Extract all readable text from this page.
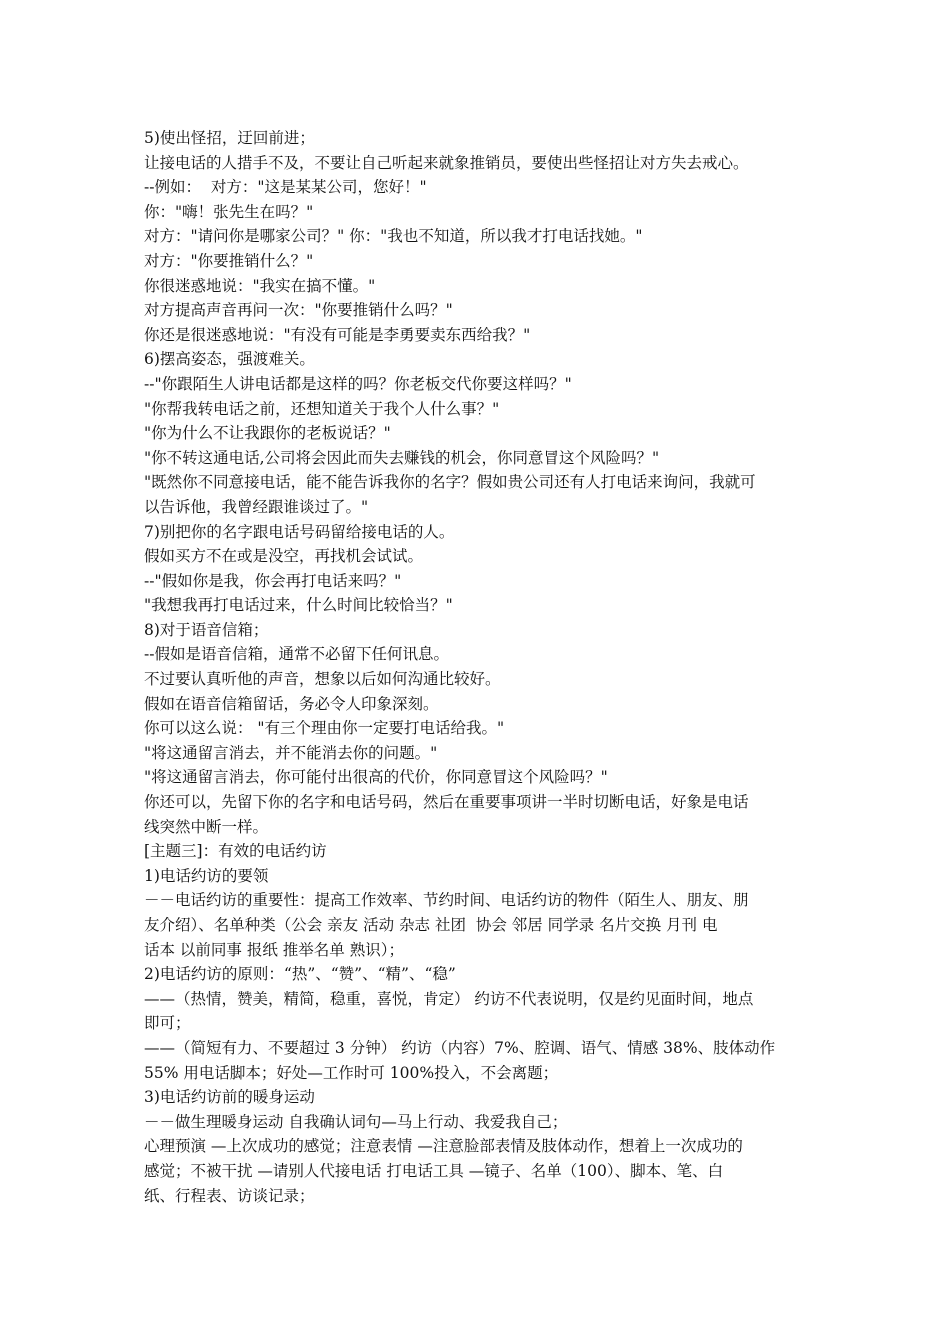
5)使出怪招，迂回前进；
让接电话的人措手不及，不要让自己听起来就象推销员，要使出些怪招让对方失去戒心。
--例如：  对方："这是某某公司，您好！"
你："嗨！张先生在吗？"
对方："请问你是哪家公司？" 你："我也不知道，所以我才打电话找她。"
对方："你要推销什么？"
你很迷惑地说："我实在搞不懂。"
对方提高声音再问一次："你要推销什么吗？"
你还是很迷惑地说："有没有可能是李勇要卖东西给我？"
6)摆高姿态，强渡难关。
--"你跟陌生人讲电话都是这样的吗？你老板交代你要这样吗？"
"你帮我转电话之前，还想知道关于我个人什么事？"
"你为什么不让我跟你的老板说话？"
"你不转这通电话,公司将会因此而失去赚钱的机会，你同意冒这个风险吗？"
"既然你不同意接电话，能不能告诉我你的名字？假如贵公司还有人打电话来询问，我就可
以告诉他，我曾经跟谁谈过了。"
7)别把你的名字跟电话号码留给接电话的人。
假如买方不在或是没空，再找机会试试。
--"假如你是我，你会再打电话来吗？"
"我想我再打电话过来，什么时间比较恰当？"
8)对于语音信箱；
--假如是语音信箱，通常不必留下任何讯息。
不过要认真听他的声音，想象以后如何沟通比较好。
假如在语音信箱留话，务必令人印象深刻。
你可以这么说： "有三个理由你一定要打电话给我。"
"将这通留言消去，并不能消去你的问题。"
"将这通留言消去，你可能付出很高的代价，你同意冒这个风险吗？"
你还可以，先留下你的名字和电话号码，然后在重要事项讲一半时切断电话，好象是电话
线突然中断一样。
[主题三]：有效的电话约访
1)电话约访的要领
－－电话约访的重要性：提高工作效率、节约时间、电话约访的物件（陌生人、朋友、朋
友介绍）、名单种类（公会 亲友 活动 杂志 社团  协会 邻居 同学录 名片交换 月刊 电
话本 以前同事 报纸 推举名单 熟识）；
2)电话约访的原则：“热”、“赞”、“精”、“稳”
——（热情，赞美，精简，稳重，喜悦，肯定） 约访不代表说明，仅是约见面时间，地点
即可；
——（简短有力、不要超过 3 分钟） 约访（内容）7%、腔调、语气、情感 38%、肢体动作
55% 用电话脚本；好处—工作时可 100%投入，不会离题；
3)电话约访前的暖身运动
－－做生理暖身运动 自我确认词句—马上行动、我爱我自己；
心理预演 —上次成功的感觉；注意表情 —注意脸部表情及肢体动作，想着上一次成功的
感觉；不被干扰 —请别人代接电话 打电话工具 —镜子、名单（100）、脚本、笔、白
纸、行程表、访谈记录；
